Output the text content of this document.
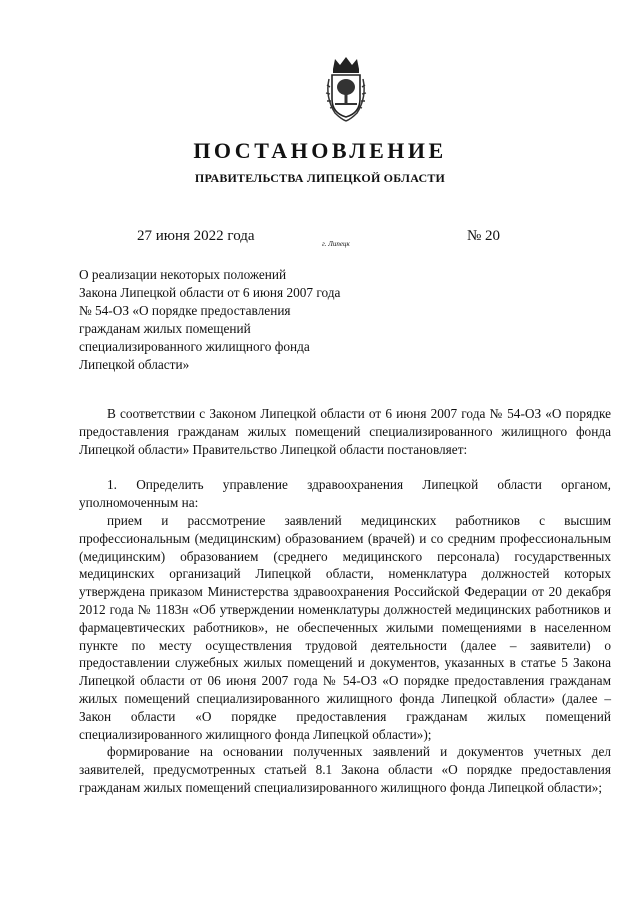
ПОСТАНОВЛЕНИЕ
ПРАВИТЕЛЬСТВА ЛИПЕЦКОЙ ОБЛАСТИ
27 июня 2022 года	г. Липецк	№ 20
О реализации некоторых положений
Закона Липецкой области от 6 июня 2007 года
№ 54-ОЗ «О порядке предоставления
гражданам жилых помещений
специализированного жилищного фонда
Липецкой области»

В соответствии с Законом Липецкой области от 6 июня 2007 года № 54-ОЗ «О порядке предоставления гражданам жилых помещений специализированного жилищного фонда Липецкой области» Правительство Липецкой области постановляет:

1. Определить управление здравоохранения Липецкой области органом, уполномоченным на:

прием и рассмотрение заявлений медицинских работников с высшим профессиональным (медицинским) образованием (врачей) и со средним профессиональным (медицинским) образованием (среднего медицинского персонала) государственных медицинских организаций Липецкой области, номенклатура должностей которых утверждена приказом Министерства здравоохранения Российской Федерации от 20 декабря 2012 года № 1183н «Об утверждении номенклатуры должностей медицинских работников и фармацевтических работников», не обеспеченных жилыми помещениями в населенном пункте по месту осуществления трудовой деятельности (далее – заявители) о предоставлении служебных жилых помещений и документов, указанных в статье 5 Закона Липецкой области от 06 июня 2007 года № 54-ОЗ «О порядке предоставления гражданам жилых помещений специализированного жилищного фонда Липецкой области» (далее – Закон области «О порядке предоставления гражданам жилых помещений специализированного жилищного фонда Липецкой области»);

формирование на основании полученных заявлений и документов учетных дел заявителей, предусмотренных статьей 8.1 Закона области «О порядке предоставления гражданам жилых помещений специализированного жилищного фонда Липецкой области»;
